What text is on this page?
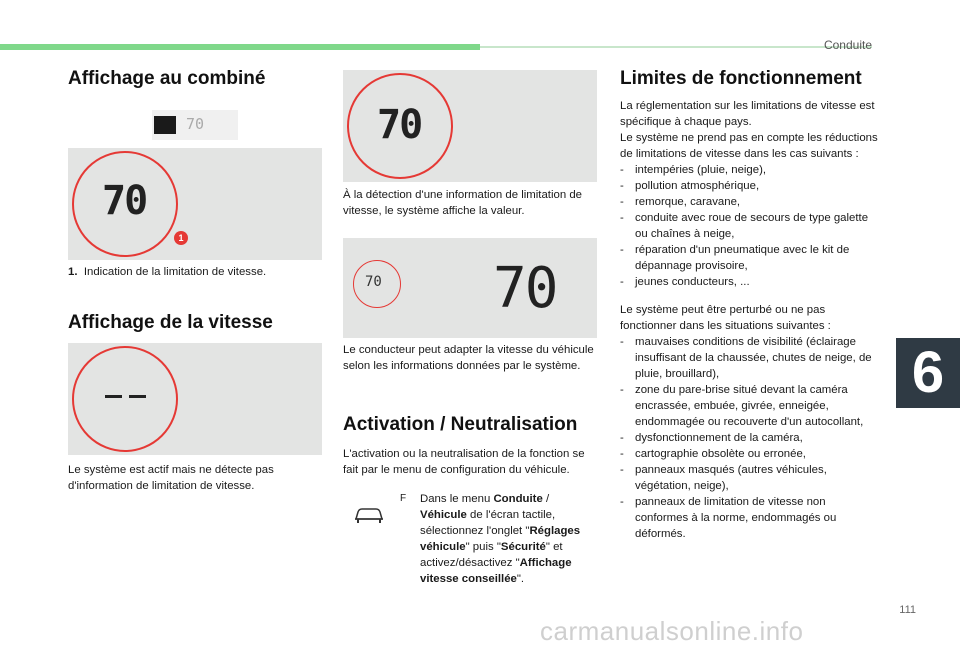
Conduite
Affichage au combiné
70
70
1
1. Indication de la limitation de vitesse.
Affichage de la vitesse
Le système est actif mais ne détecte pas d'information de limitation de vitesse.
70
À la détection d'une information de limitation de vitesse, le système affiche la valeur.
70 70
Le conducteur peut adapter la vitesse du véhicule selon les informations données par le système.
Activation / Neutralisation
L'activation ou la neutralisation de la fonction se fait par le menu de configuration du véhicule.
F Dans le menu Conduite / Véhicule de l'écran tactile, sélectionnez l'onglet "Réglages véhicule" puis "Sécurité" et activez/désactivez "Affichage vitesse conseillée".
Limites de fonctionnement
La réglementation sur les limitations de vitesse est spécifique à chaque pays.
Le système ne prend pas en compte les réductions de limitations de vitesse dans les cas suivants :
- intempéries (pluie, neige),
- pollution atmosphérique,
- remorque, caravane,
- conduite avec roue de secours de type galette ou chaînes à neige,
- réparation d'un pneumatique avec le kit de dépannage provisoire,
- jeunes conducteurs, ...
Le système peut être perturbé ou ne pas fonctionner dans les situations suivantes :
- mauvaises conditions de visibilité (éclairage insuffisant de la chaussée, chutes de neige, de pluie, brouillard),
- zone du pare-brise situé devant la caméra encrassée, embuée, givrée, enneigée, endommagée ou recouverte d'un autocollant,
- dysfonctionnement de la caméra,
- cartographie obsolète ou erronée,
- panneaux masqués (autres véhicules, végétation, neige),
- panneaux de limitation de vitesse non conformes à la norme, endommagés ou déformés.
6
111
carmanualsonline.info
